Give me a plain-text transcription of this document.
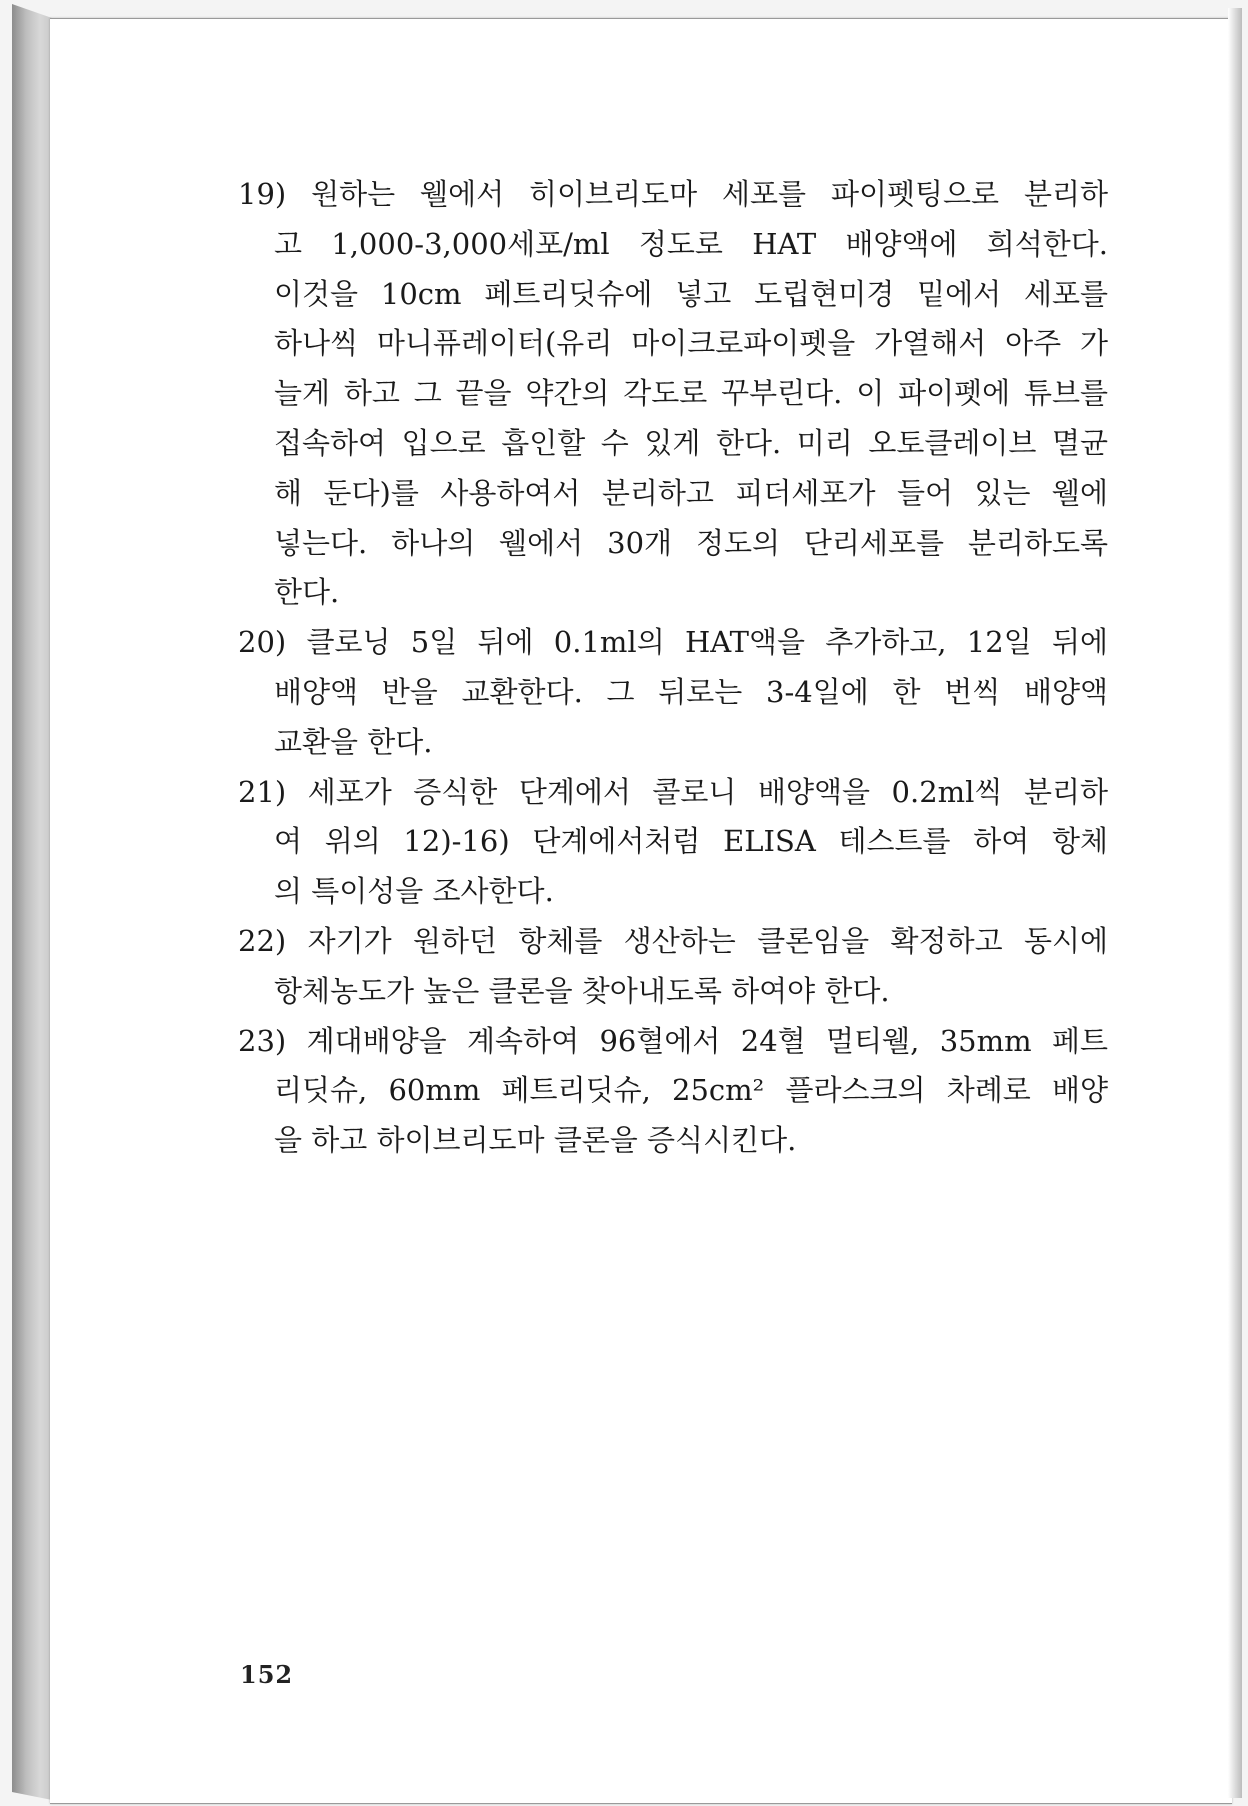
19) 원하는 웰에서 히이브리도마 세포를 파이펫팅으로 분리하
고 1,000-3,000세포/ml 정도로 HAT 배양액에 희석한다.
이것을 10cm 페트리딧슈에 넣고 도립현미경 밑에서 세포를
하나씩 마니퓨레이터(유리 마이크로파이펫을 가열해서 아주 가
늘게 하고 그 끝을 약간의 각도로 꾸부린다. 이 파이펫에 튜브를
접속하여 입으로 흡인할 수 있게 한다. 미리 오토클레이브 멸균
해 둔다)를 사용하여서 분리하고 피더세포가 들어 있는 웰에
넣는다. 하나의 웰에서 30개 정도의 단리세포를 분리하도록
한다.
20) 클로닝 5일 뒤에 0.1ml의 HAT액을 추가하고, 12일 뒤에
배양액 반을 교환한다. 그 뒤로는 3-4일에 한 번씩 배양액
교환을 한다.
21) 세포가 증식한 단계에서 콜로니 배양액을 0.2ml씩 분리하
여 위의 12)-16) 단계에서처럼 ELISA 테스트를 하여 항체
의 특이성을 조사한다.
22) 자기가 원하던 항체를 생산하는 클론임을 확정하고 동시에
항체농도가 높은 클론을 찾아내도록 하여야 한다.
23) 계대배양을 계속하여 96혈에서 24혈 멀티웰, 35mm 페트
리딧슈, 60mm 페트리딧슈, 25cm² 플라스크의 차례로 배양
을 하고 하이브리도마 클론을 증식시킨다.
152
